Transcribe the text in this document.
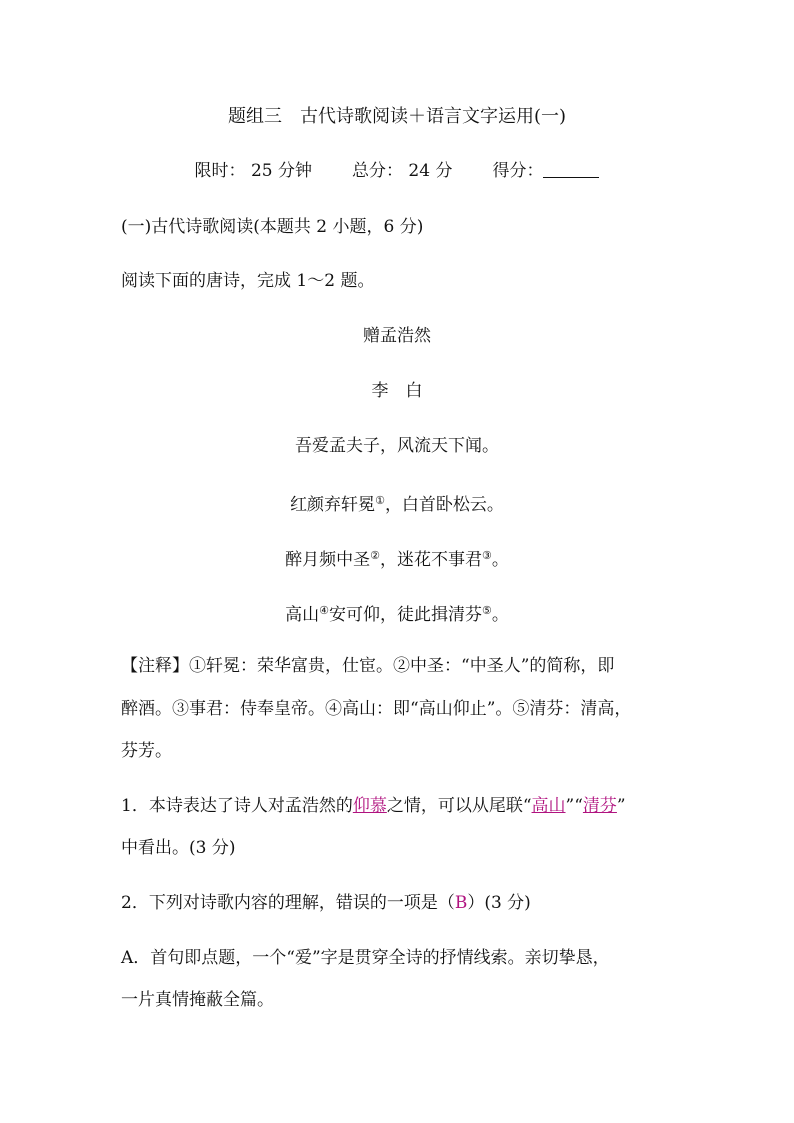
题组三　古代诗歌阅读＋语言文字运用(一)
限时： 25 分钟 总分： 24 分 得分：
(一)古代诗歌阅读(本题共 2 小题，6 分)
阅读下面的唐诗，完成 1～2 题。
赠孟浩然
李　白
吾爱孟夫子，风流天下闻。
红颜弃轩冕①，白首卧松云。
醉月频中圣②，迷花不事君③。
高山④安可仰，徒此揖清芬⑤。
【注释】①轩冕：荣华富贵，仕宦。②中圣：“中圣人”的简称，即
醉酒。③事君：侍奉皇帝。④高山：即“高山仰止”。⑤清芬：清高，
芬芳。
1．本诗表达了诗人对孟浩然的仰慕之情，可以从尾联“高山”“清芬”
中看出。(3 分)
2．下列对诗歌内容的理解，错误的一项是（B）(3 分)
A．首句即点题，一个“爱”字是贯穿全诗的抒情线索。亲切挚恳，
一片真情掩蔽全篇。
